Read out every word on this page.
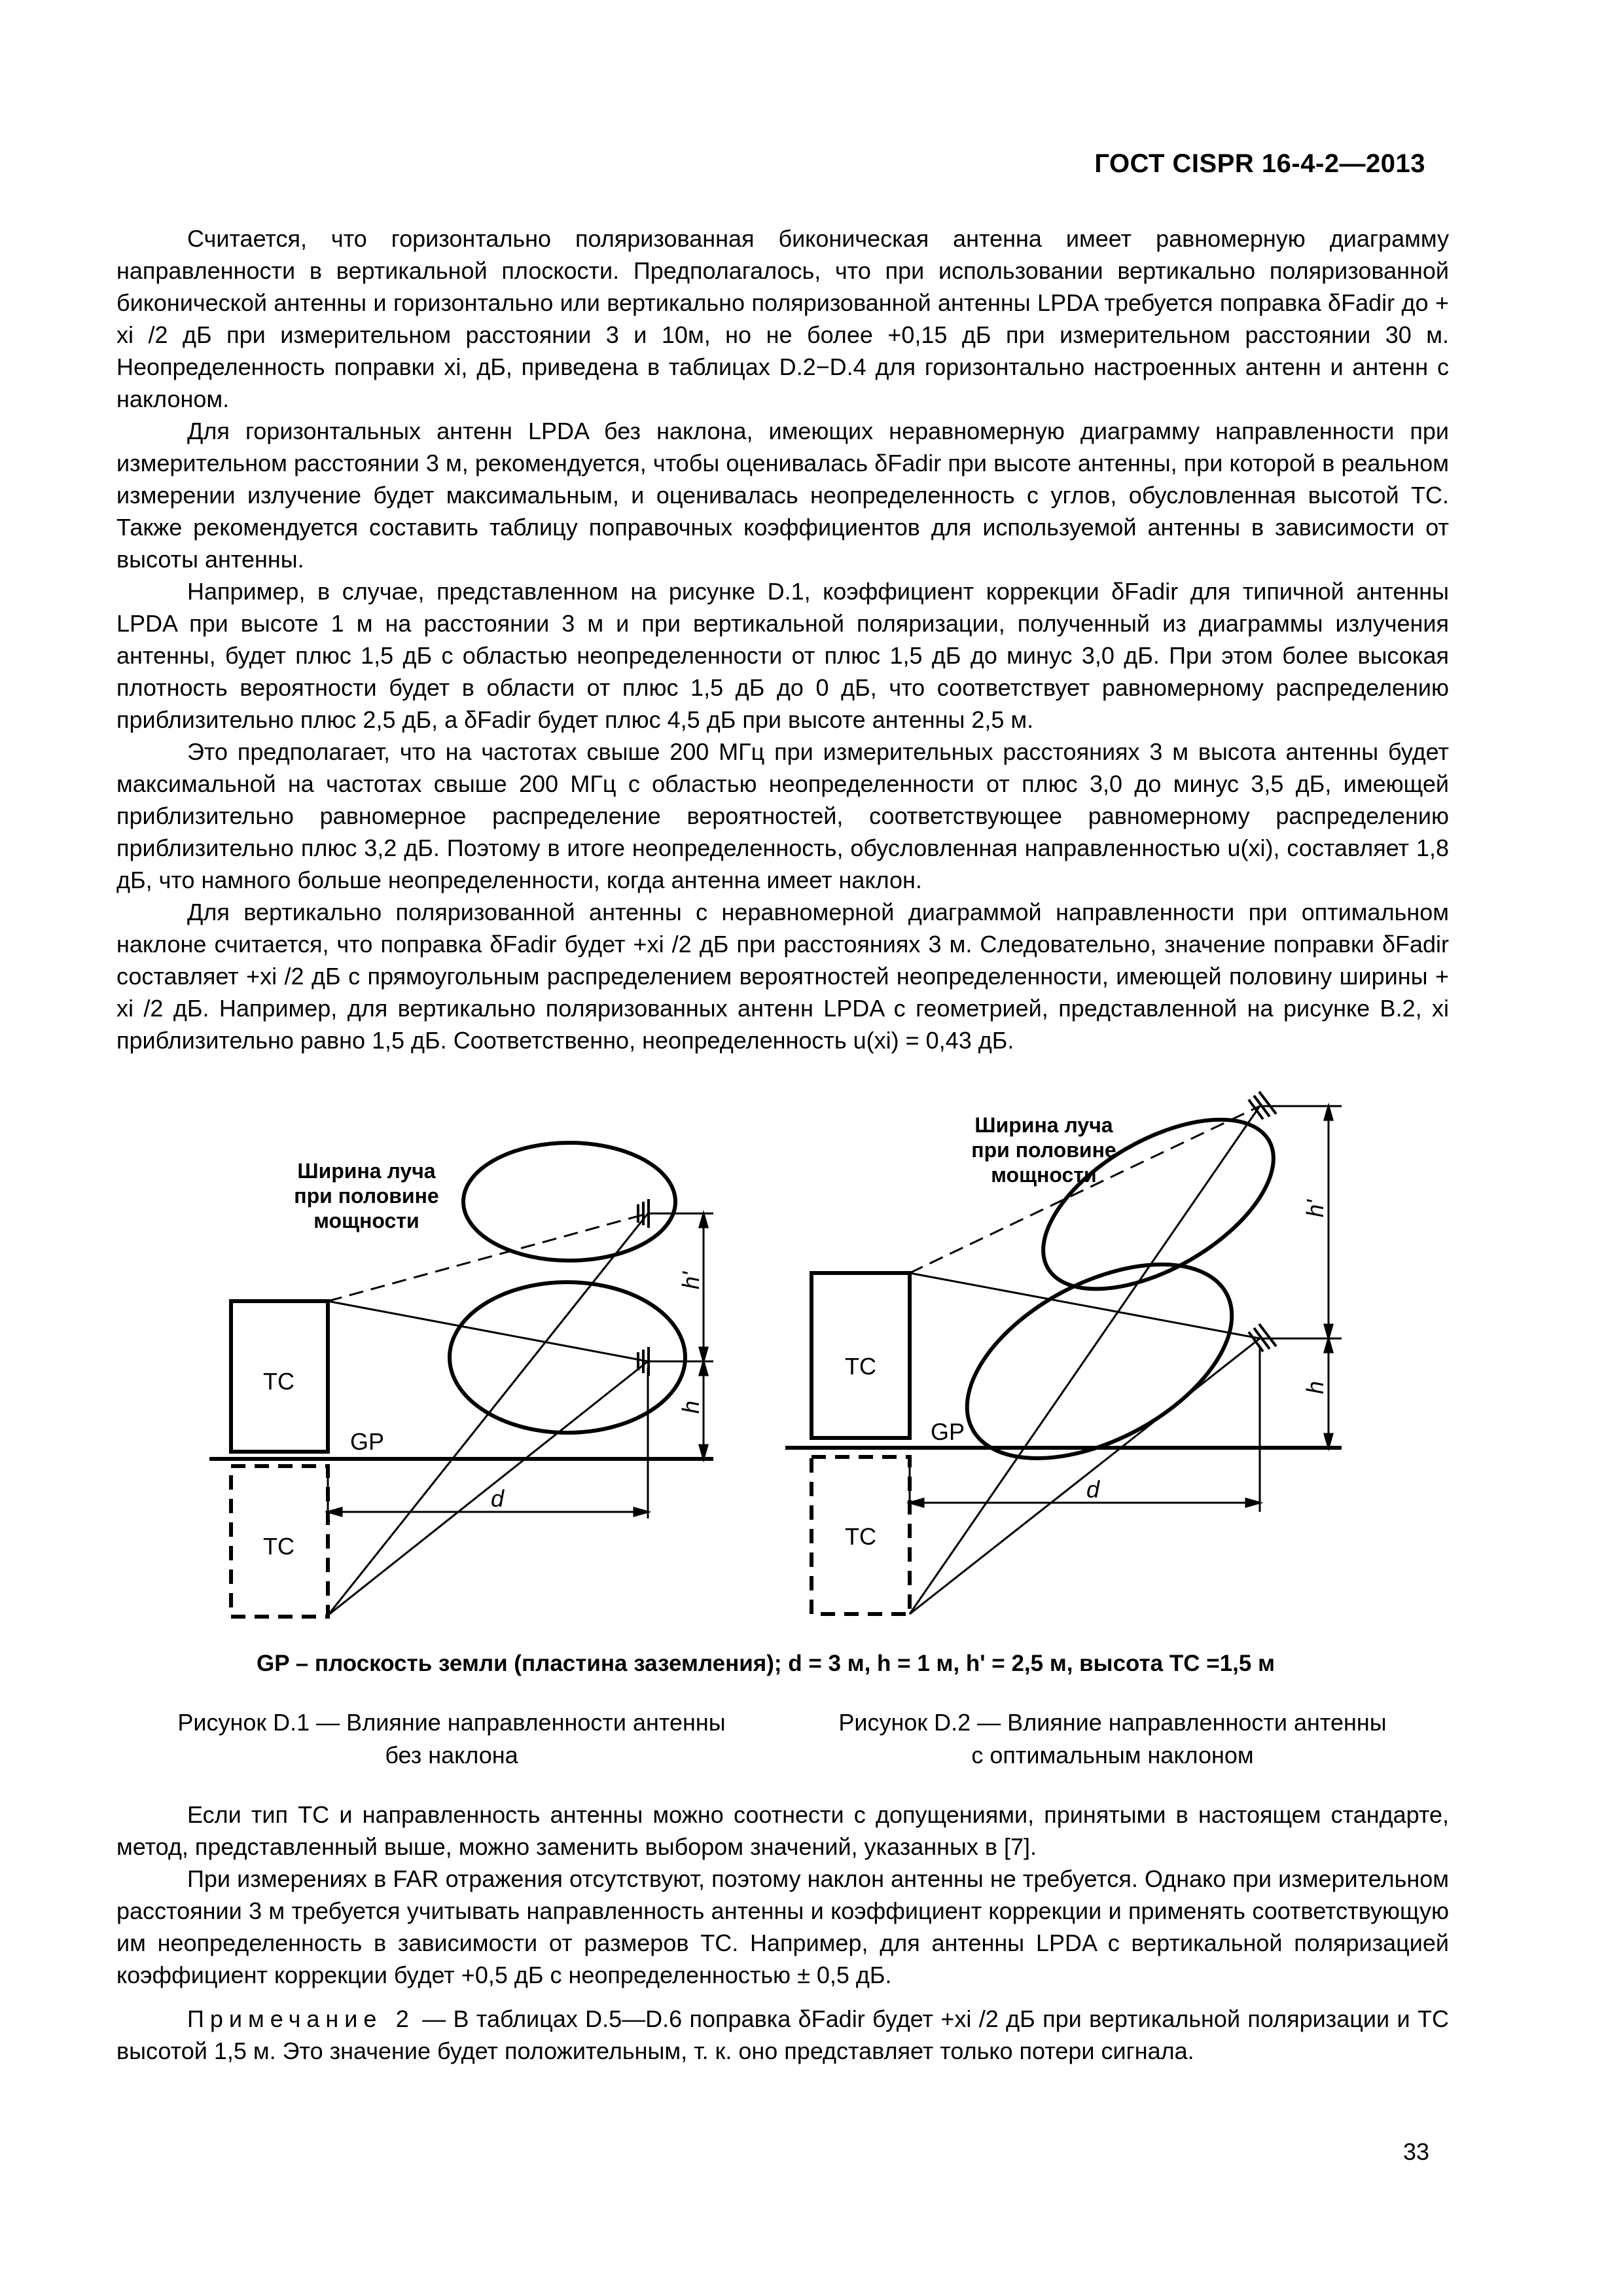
ГОСТ CISPR 16-4-2—2013

Считается, что горизонтально поляризованная биконическая антенна имеет равномерную диаграмму направленности в вертикальной плоскости. Предполагалось, что при использовании вертикально поляризованной биконической антенны и горизонтально или вертикально поляризованной антенны LPDA требуется поправка δFadir до + xi /2 дБ при измерительном расстоянии 3 и 10м, но не более +0,15 дБ при измерительном расстоянии 30 м. Неопределенность поправки xi, дБ, приведена в таблицах D.2−D.4 для горизонтально настроенных антенн и антенн с наклоном.

Для горизонтальных антенн LPDA без наклона, имеющих неравномерную диаграмму направленности при измерительном расстоянии 3 м, рекомендуется, чтобы оценивалась δFadir при высоте антенны, при которой в реальном измерении излучение будет максимальным, и оценивалась неопределенность с углов, обусловленная высотой ТС. Также рекомендуется составить таблицу поправочных коэффициентов для используемой антенны в зависимости от высоты антенны.

Например, в случае, представленном на рисунке D.1, коэффициент коррекции δFadir для типичной антенны LPDA при высоте 1 м на расстоянии 3 м и при вертикальной поляризации, полученный из диаграммы излучения антенны, будет плюс 1,5 дБ с областью неопределенности от плюс 1,5 дБ до минус 3,0 дБ. При этом более высокая плотность вероятности будет в области от плюс 1,5 дБ до 0 дБ, что соответствует равномерному распределению приблизительно плюс 2,5 дБ, а δFadir будет плюс 4,5 дБ при высоте антенны 2,5 м.

Это предполагает, что на частотах свыше 200 МГц при измерительных расстояниях 3 м высота антенны будет максимальной на частотах свыше 200 МГц с областью неопределенности от плюс 3,0 до минус 3,5 дБ, имеющей приблизительно равномерное распределение вероятностей, соответствующее равномерному распределению приблизительно плюс 3,2 дБ. Поэтому в итоге неопределенность, обусловленная направленностью u(xi), составляет 1,8 дБ, что намного больше неопределенности, когда антенна имеет наклон.

Для вертикально поляризованной антенны с неравномерной диаграммой направленности при оптимальном наклоне считается, что поправка δFadir будет +xi /2 дБ при расстояниях 3 м. Следовательно, значение поправки δFadir составляет +xi /2 дБ с прямоугольным распределением вероятностей неопределенности, имеющей половину ширины + xi /2 дБ. Например, для вертикально поляризованных антенн LPDA с геометрией, представленной на рисунке B.2, xi приблизительно равно 1,5 дБ. Соответственно, неопределенность u(xi) = 0,43 дБ.

ТС
ТС
GP
d
h'
h
Ширина луча
при половине
мощности
ТС
ТС
GP
d
h'
h
Ширина луча
при половине
мощности
GP – плоскость земли (пластина заземления); d = 3 м, h = 1 м, h' = 2,5 м, высота ТС =1,5 м
Рисунок D.1 — Влияние направленности антенны
без наклона
Рисунок D.2 — Влияние направленности антенны
с оптимальным наклоном

Если тип ТС и направленность антенны можно соотнести с допущениями, принятыми в настоящем стандарте, метод, представленный выше, можно заменить выбором значений, указанных в [7].

При измерениях в FAR отражения отсутствуют, поэтому наклон антенны не требуется. Однако при измерительном расстоянии 3 м требуется учитывать направленность антенны и коэффициент коррекции и применять соответствующую им неопределенность в зависимости от размеров ТС. Например, для антенны LPDA с вертикальной поляризацией коэффициент коррекции будет +0,5 дБ с неопределенностью ± 0,5 дБ.

Примечание 2 — В таблицах D.5—D.6 поправка δFadir будет +xi /2 дБ при вертикальной поляризации и ТС высотой 1,5 м. Это значение будет положительным, т. к. оно представляет только потери сигнала.

33
